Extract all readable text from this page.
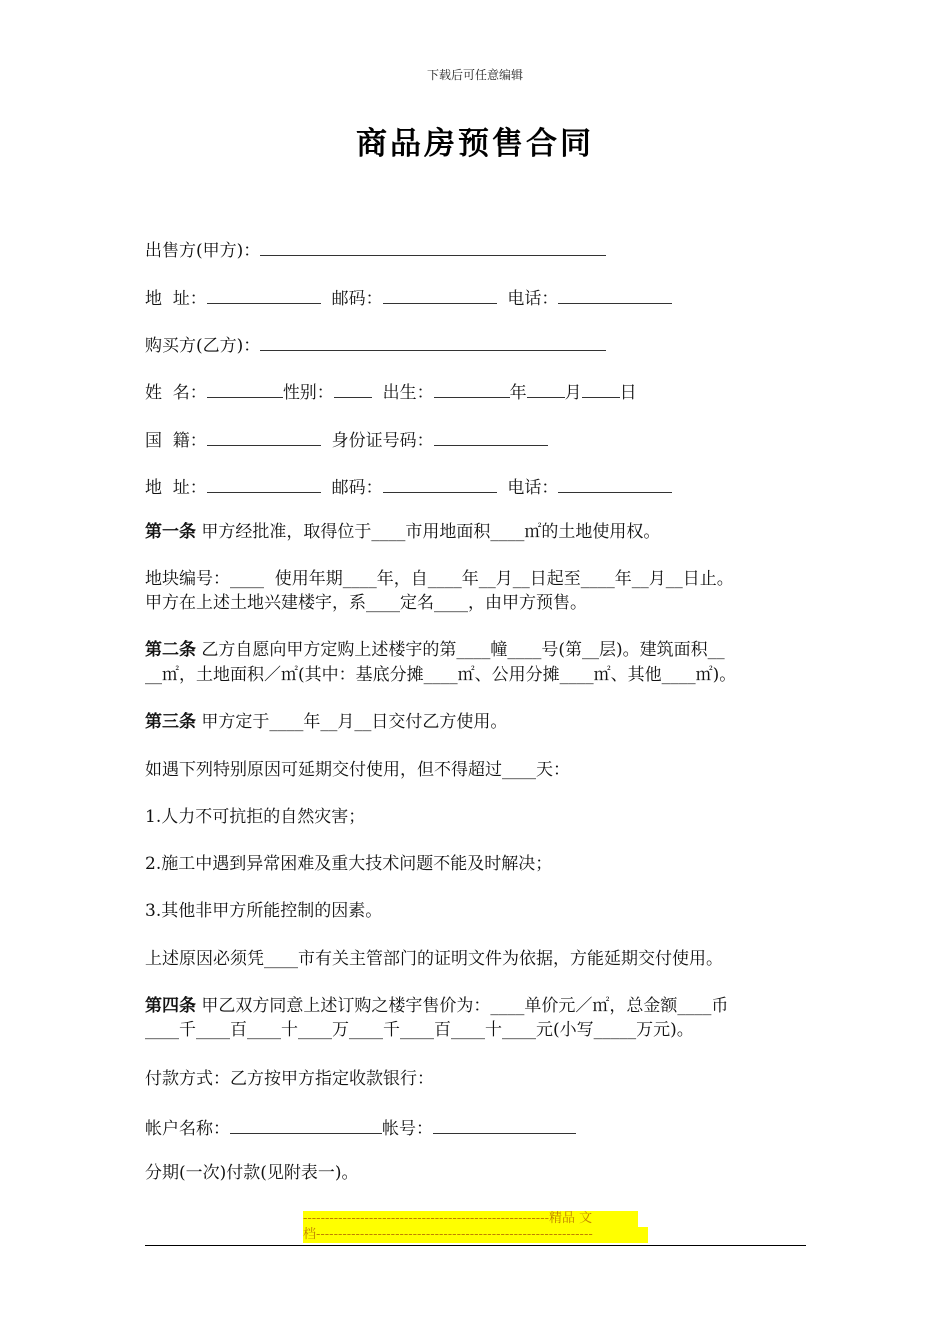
下载后可任意编辑
商品房预售合同
出售方(甲方)：
地  址：	邮码：	电话：
购买方(乙方)：
姓  名：	性别：  出生：	年 月 日
国  籍：	身份证号码：
地  址：	邮码：	电话：
第一条 甲方经批准，取得位于____市用地面积____㎡的土地使用权。
地块编号：____  使用年期____年，自____年__月__日起至____年__月__日止。
甲方在上述土地兴建楼宇，系____定名____，由甲方预售。
第二条 乙方自愿向甲方定购上述楼宇的第____幢____号(第__层)。建筑面积__
__㎡，土地面积／㎡(其中：基底分摊____㎡、公用分摊____㎡、其他____㎡)。
第三条 甲方定于____年__月__日交付乙方使用。
如遇下列特别原因可延期交付使用，但不得超过____天：
1.人力不可抗拒的自然灾害；
2.施工中遇到异常困难及重大技术问题不能及时解决；
3.其他非甲方所能控制的因素。
上述原因必须凭____市有关主管部门的证明文件为依据，方能延期交付使用。
第四条 甲乙双方同意上述订购之楼宇售价为：____单价元／㎡，总金额____币
____千____百____十____万____千____百____十____元(小写_____万元)。
付款方式：乙方按甲方指定收款银行：
帐户名称：	帐号：
分期(一次)付款(见附表一)。
--------------------------------------------------------精品 文
档---------------------------------------------------------------
